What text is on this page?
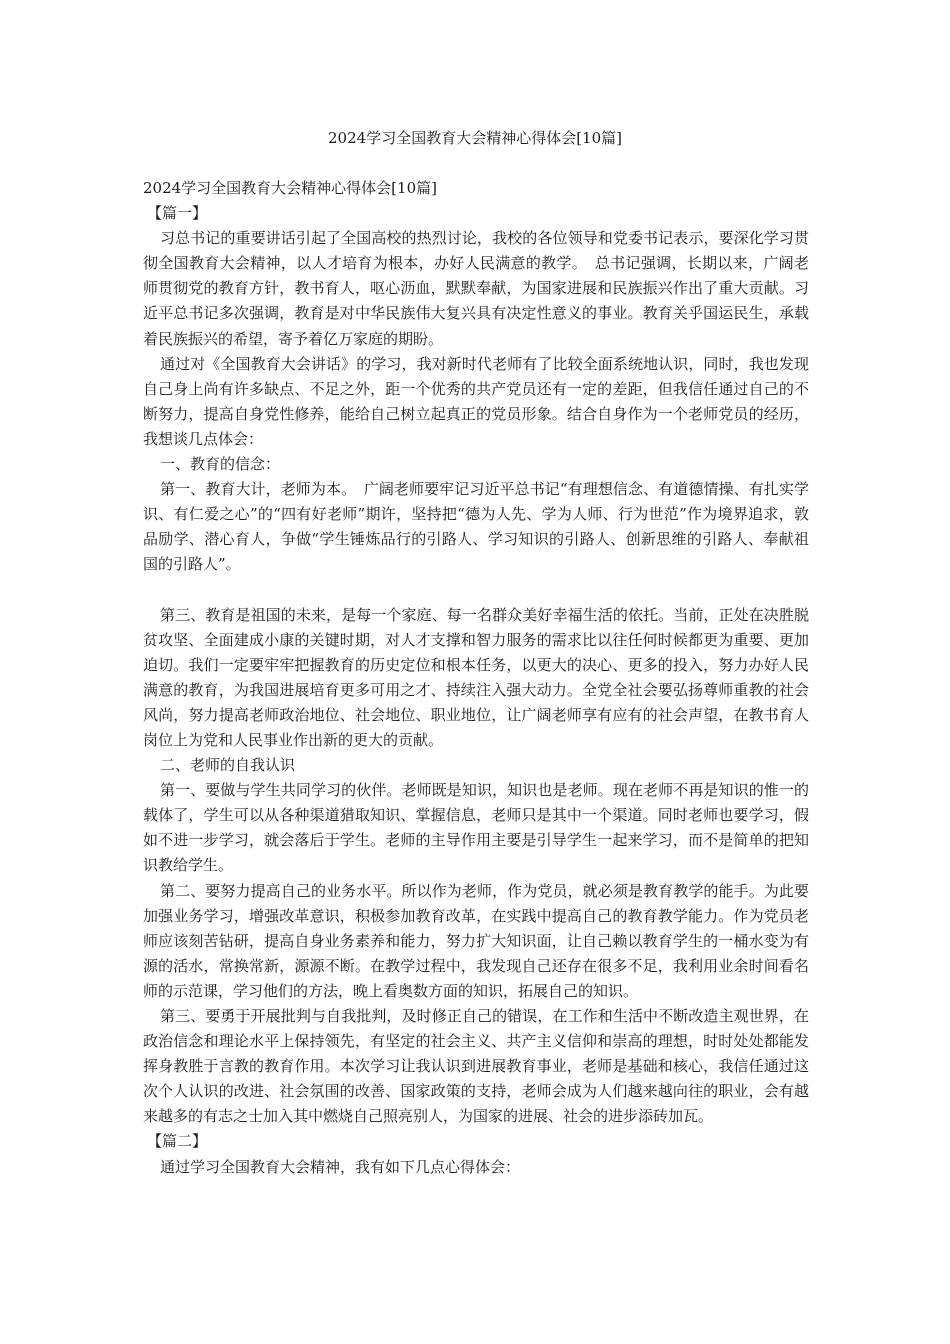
2024学习全国教育大会精神心得体会[10篇]

2024学习全国教育大会精神心得体会[10篇]

【篇一】

习总书记的重要讲话引起了全国高校的热烈讨论，我校的各位领导和党委书记表示，要深化学习贯彻全国教育大会精神，以人才培育为根本，办好人民满意的教学。　总书记强调，长期以来，广阔老师贯彻党的教育方针，教书育人，呕心沥血，默默奉献，为国家进展和民族振兴作出了重大贡献。习近平总书记多次强调，教育是对中华民族伟大复兴具有决定性意义的事业。教育关乎国运民生，承载着民族振兴的希望，寄予着亿万家庭的期盼。

通过对《全国教育大会讲话》的学习，我对新时代老师有了比较全面系统地认识，同时，我也发现自己身上尚有许多缺点、不足之外，距一个优秀的共产党员还有一定的差距，但我信任通过自己的不断努力，提高自身党性修养，能给自己树立起真正的党员形象。结合自身作为一个老师党员的经历，我想谈几点体会：

一、教育的信念：

第一、教育大计，老师为本。　广阔老师要牢记习近平总书记“有理想信念、有道德情操、有扎实学识、有仁爱之心”的“四有好老师”期许，坚持把“德为人先、学为人师、行为世范”作为境界追求，敦品励学、潜心育人，争做“学生锤炼品行的引路人、学习知识的引路人、创新思维的引路人、奉献祖国的引路人”。

第三、教育是祖国的未来，是每一个家庭、每一名群众美好幸福生活的依托。当前，正处在决胜脱贫攻坚、全面建成小康的关键时期，对人才支撑和智力服务的需求比以往任何时候都更为重要、更加迫切。我们一定要牢牢把握教育的历史定位和根本任务，以更大的决心、更多的投入，努力办好人民满意的教育，为我国进展培育更多可用之才、持续注入强大动力。全党全社会要弘扬尊师重教的社会风尚，努力提高老师政治地位、社会地位、职业地位，让广阔老师享有应有的社会声望，在教书育人岗位上为党和人民事业作出新的更大的贡献。

二、老师的自我认识

第一、要做与学生共同学习的伙伴。老师既是知识，知识也是老师。现在老师不再是知识的惟一的载体了，学生可以从各种渠道猎取知识、掌握信息，老师只是其中一个渠道。同时老师也要学习，假如不进一步学习，就会落后于学生。老师的主导作用主要是引导学生一起来学习，而不是简单的把知识教给学生。

第二、要努力提高自己的业务水平。所以作为老师，作为党员，就必须是教育教学的能手。为此要加强业务学习，增强改革意识，积极参加教育改革，在实践中提高自己的教育教学能力。作为党员老师应该刻苦钻研，提高自身业务素养和能力，努力扩大知识面，让自己赖以教育学生的一桶水变为有源的活水，常换常新，源源不断。在教学过程中，我发现自己还存在很多不足，我利用业余时间看名师的示范课，学习他们的方法，晚上看奥数方面的知识，拓展自己的知识。

第三、要勇于开展批判与自我批判，及时修正自己的错误，在工作和生活中不断改造主观世界，在政治信念和理论水平上保持领先，有坚定的社会主义、共产主义信仰和崇高的理想，时时处处都能发挥身教胜于言教的教育作用。本次学习让我认识到进展教育事业，老师是基础和核心，我信任通过这次个人认识的改进、社会氛围的改善、国家政策的支持，老师会成为人们越来越向往的职业，会有越来越多的有志之士加入其中燃烧自己照亮别人，为国家的进展、社会的进步添砖加瓦。

【篇二】

通过学习全国教育大会精神，我有如下几点心得体会：
